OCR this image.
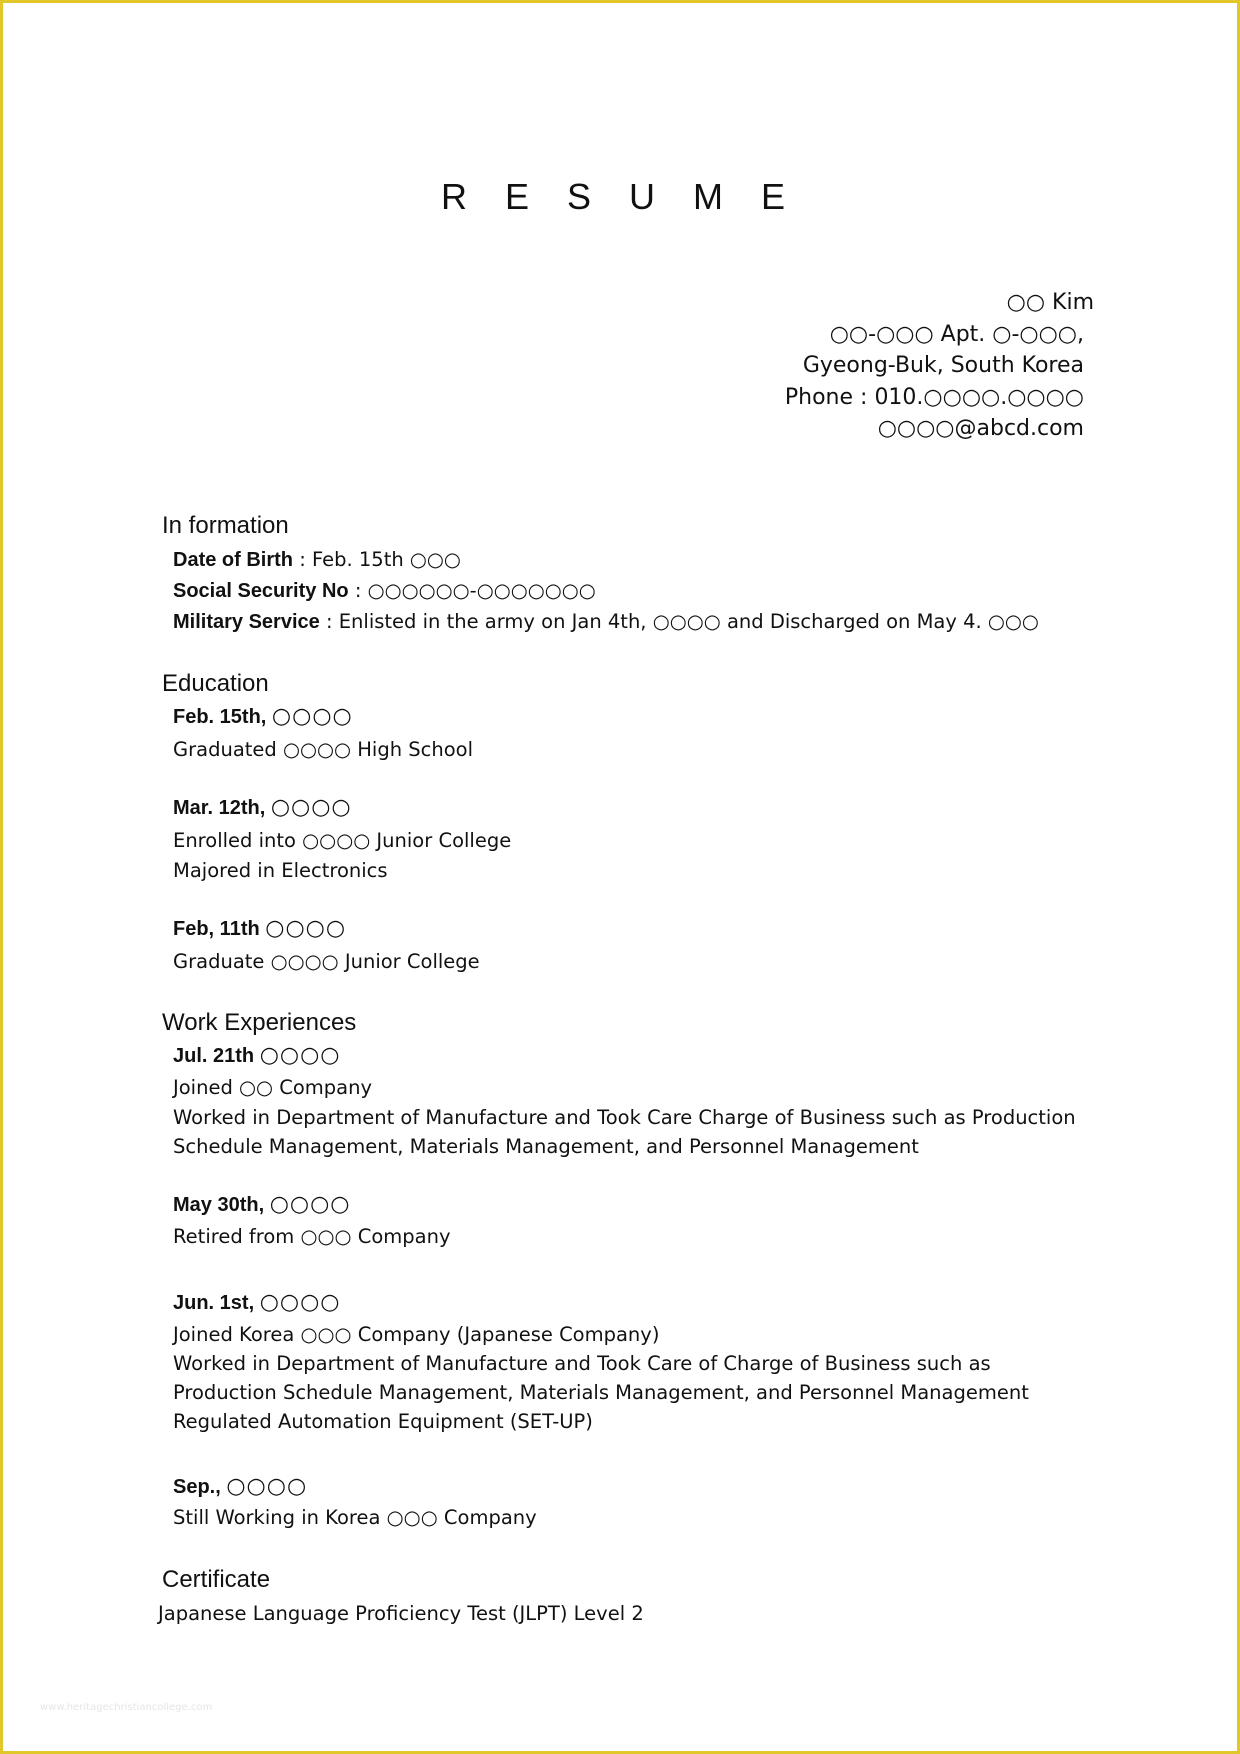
R E S U M E
○○ Kim
○○-○○○ Apt. ○-○○○,
Gyeong-Buk, South Korea
Phone : 010.○○○○.○○○○
○○○○@abcd.com
In formation
Date of Birth : Feb. 15th ○○○
Social Security No : ○○○○○○-○○○○○○○
Military Service : Enlisted in the army on Jan 4th, ○○○○ and Discharged on May 4. ○○○
Education
Feb. 15th, ○○○○
Graduated ○○○○ High School
Mar. 12th, ○○○○
Enrolled into ○○○○ Junior College
Majored in Electronics
Feb, 11th ○○○○
Graduate ○○○○ Junior College
Work Experiences
Jul. 21th ○○○○
Joined ○○ Company
Worked in Department of Manufacture and Took Care Charge of Business such as Production
Schedule Management, Materials Management, and Personnel Management
May 30th, ○○○○
Retired from ○○○ Company
Jun. 1st, ○○○○
Joined Korea ○○○ Company (Japanese Company)
Worked in Department of Manufacture and Took Care of Charge of Business such as
Production Schedule Management, Materials Management, and Personnel Management
Regulated Automation Equipment (SET-UP)
Sep., ○○○○
Still Working in Korea ○○○ Company
Certificate
Japanese Language Proficiency Test (JLPT) Level 2
www.heritagechristiancollege.com
